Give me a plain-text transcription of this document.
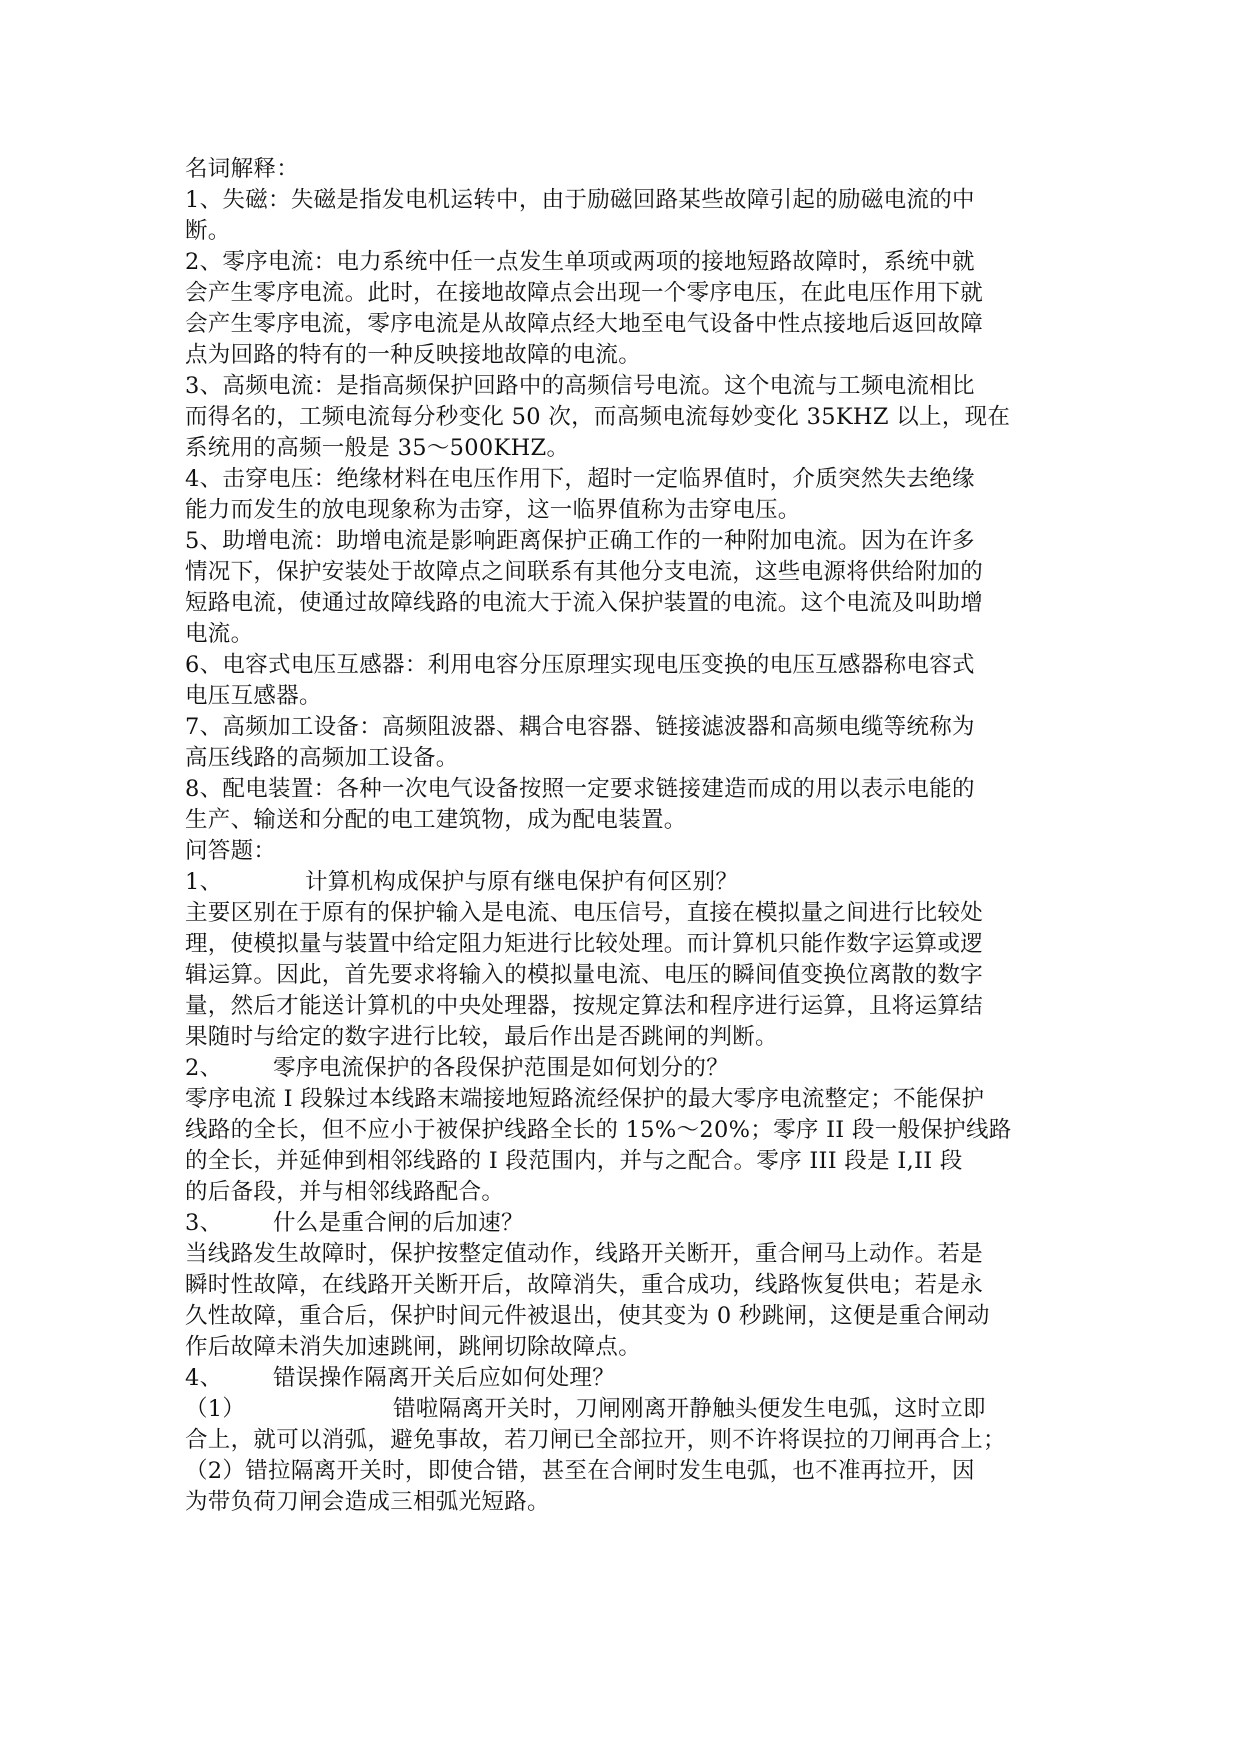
名词解释：
1、失磁：失磁是指发电机运转中，由于励磁回路某些故障引起的励磁电流的中
断。
2、零序电流：电力系统中任一点发生单项或两项的接地短路故障时，系统中就
会产生零序电流。此时，在接地故障点会出现一个零序电压，在此电压作用下就
会产生零序电流，零序电流是从故障点经大地至电气设备中性点接地后返回故障
点为回路的特有的一种反映接地故障的电流。
3、高频电流：是指高频保护回路中的高频信号电流。这个电流与工频电流相比
而得名的，工频电流每分秒变化 50 次，而高频电流每妙变化 35KHZ 以上，现在
系统用的高频一般是 35～500KHZ。
4、击穿电压：绝缘材料在电压作用下，超时一定临界值时，介质突然失去绝缘
能力而发生的放电现象称为击穿，这一临界值称为击穿电压。
5、助增电流：助增电流是影响距离保护正确工作的一种附加电流。因为在许多
情况下，保护安装处于故障点之间联系有其他分支电流，这些电源将供给附加的
短路电流，使通过故障线路的电流大于流入保护装置的电流。这个电流及叫助增
电流。
6、电容式电压互感器：利用电容分压原理实现电压变换的电压互感器称电容式
电压互感器。
7、高频加工设备：高频阻波器、耦合电容器、链接滤波器和高频电缆等统称为
高压线路的高频加工设备。
8、配电装置：各种一次电气设备按照一定要求链接建造而成的用以表示电能的
生产、输送和分配的电工建筑物，成为配电装置。
问答题：
1、	计算机构成保护与原有继电保护有何区别？
主要区别在于原有的保护输入是电流、电压信号，直接在模拟量之间进行比较处
理，使模拟量与装置中给定阻力矩进行比较处理。而计算机只能作数字运算或逻
辑运算。因此，首先要求将输入的模拟量电流、电压的瞬间值变换位离散的数字
量，然后才能送计算机的中央处理器，按规定算法和程序进行运算，且将运算结
果随时与给定的数字进行比较，最后作出是否跳闸的判断。
2、 零序电流保护的各段保护范围是如何划分的？
零序电流 I 段躲过本线路末端接地短路流经保护的最大零序电流整定；不能保护
线路的全长，但不应小于被保护线路全长的 15%～20%；零序 II 段一般保护线路
的全长，并延伸到相邻线路的 I 段范围内，并与之配合。零序 III 段是 I,II 段
的后备段，并与相邻线路配合。
3、 什么是重合闸的后加速？
当线路发生故障时，保护按整定值动作，线路开关断开，重合闸马上动作。若是
瞬时性故障，在线路开关断开后，故障消失，重合成功，线路恢复供电；若是永
久性故障，重合后，保护时间元件被退出，使其变为 0 秒跳闸，这便是重合闸动
作后故障未消失加速跳闸，跳闸切除故障点。
4、 错误操作隔离开关后应如何处理？
（1）	错啦隔离开关时，刀闸刚离开静触头便发生电弧，这时立即
合上，就可以消弧，避免事故，若刀闸已全部拉开，则不许将误拉的刀闸再合上；
（2）错拉隔离开关时，即使合错，甚至在合闸时发生电弧，也不准再拉开，因
为带负荷刀闸会造成三相弧光短路。
